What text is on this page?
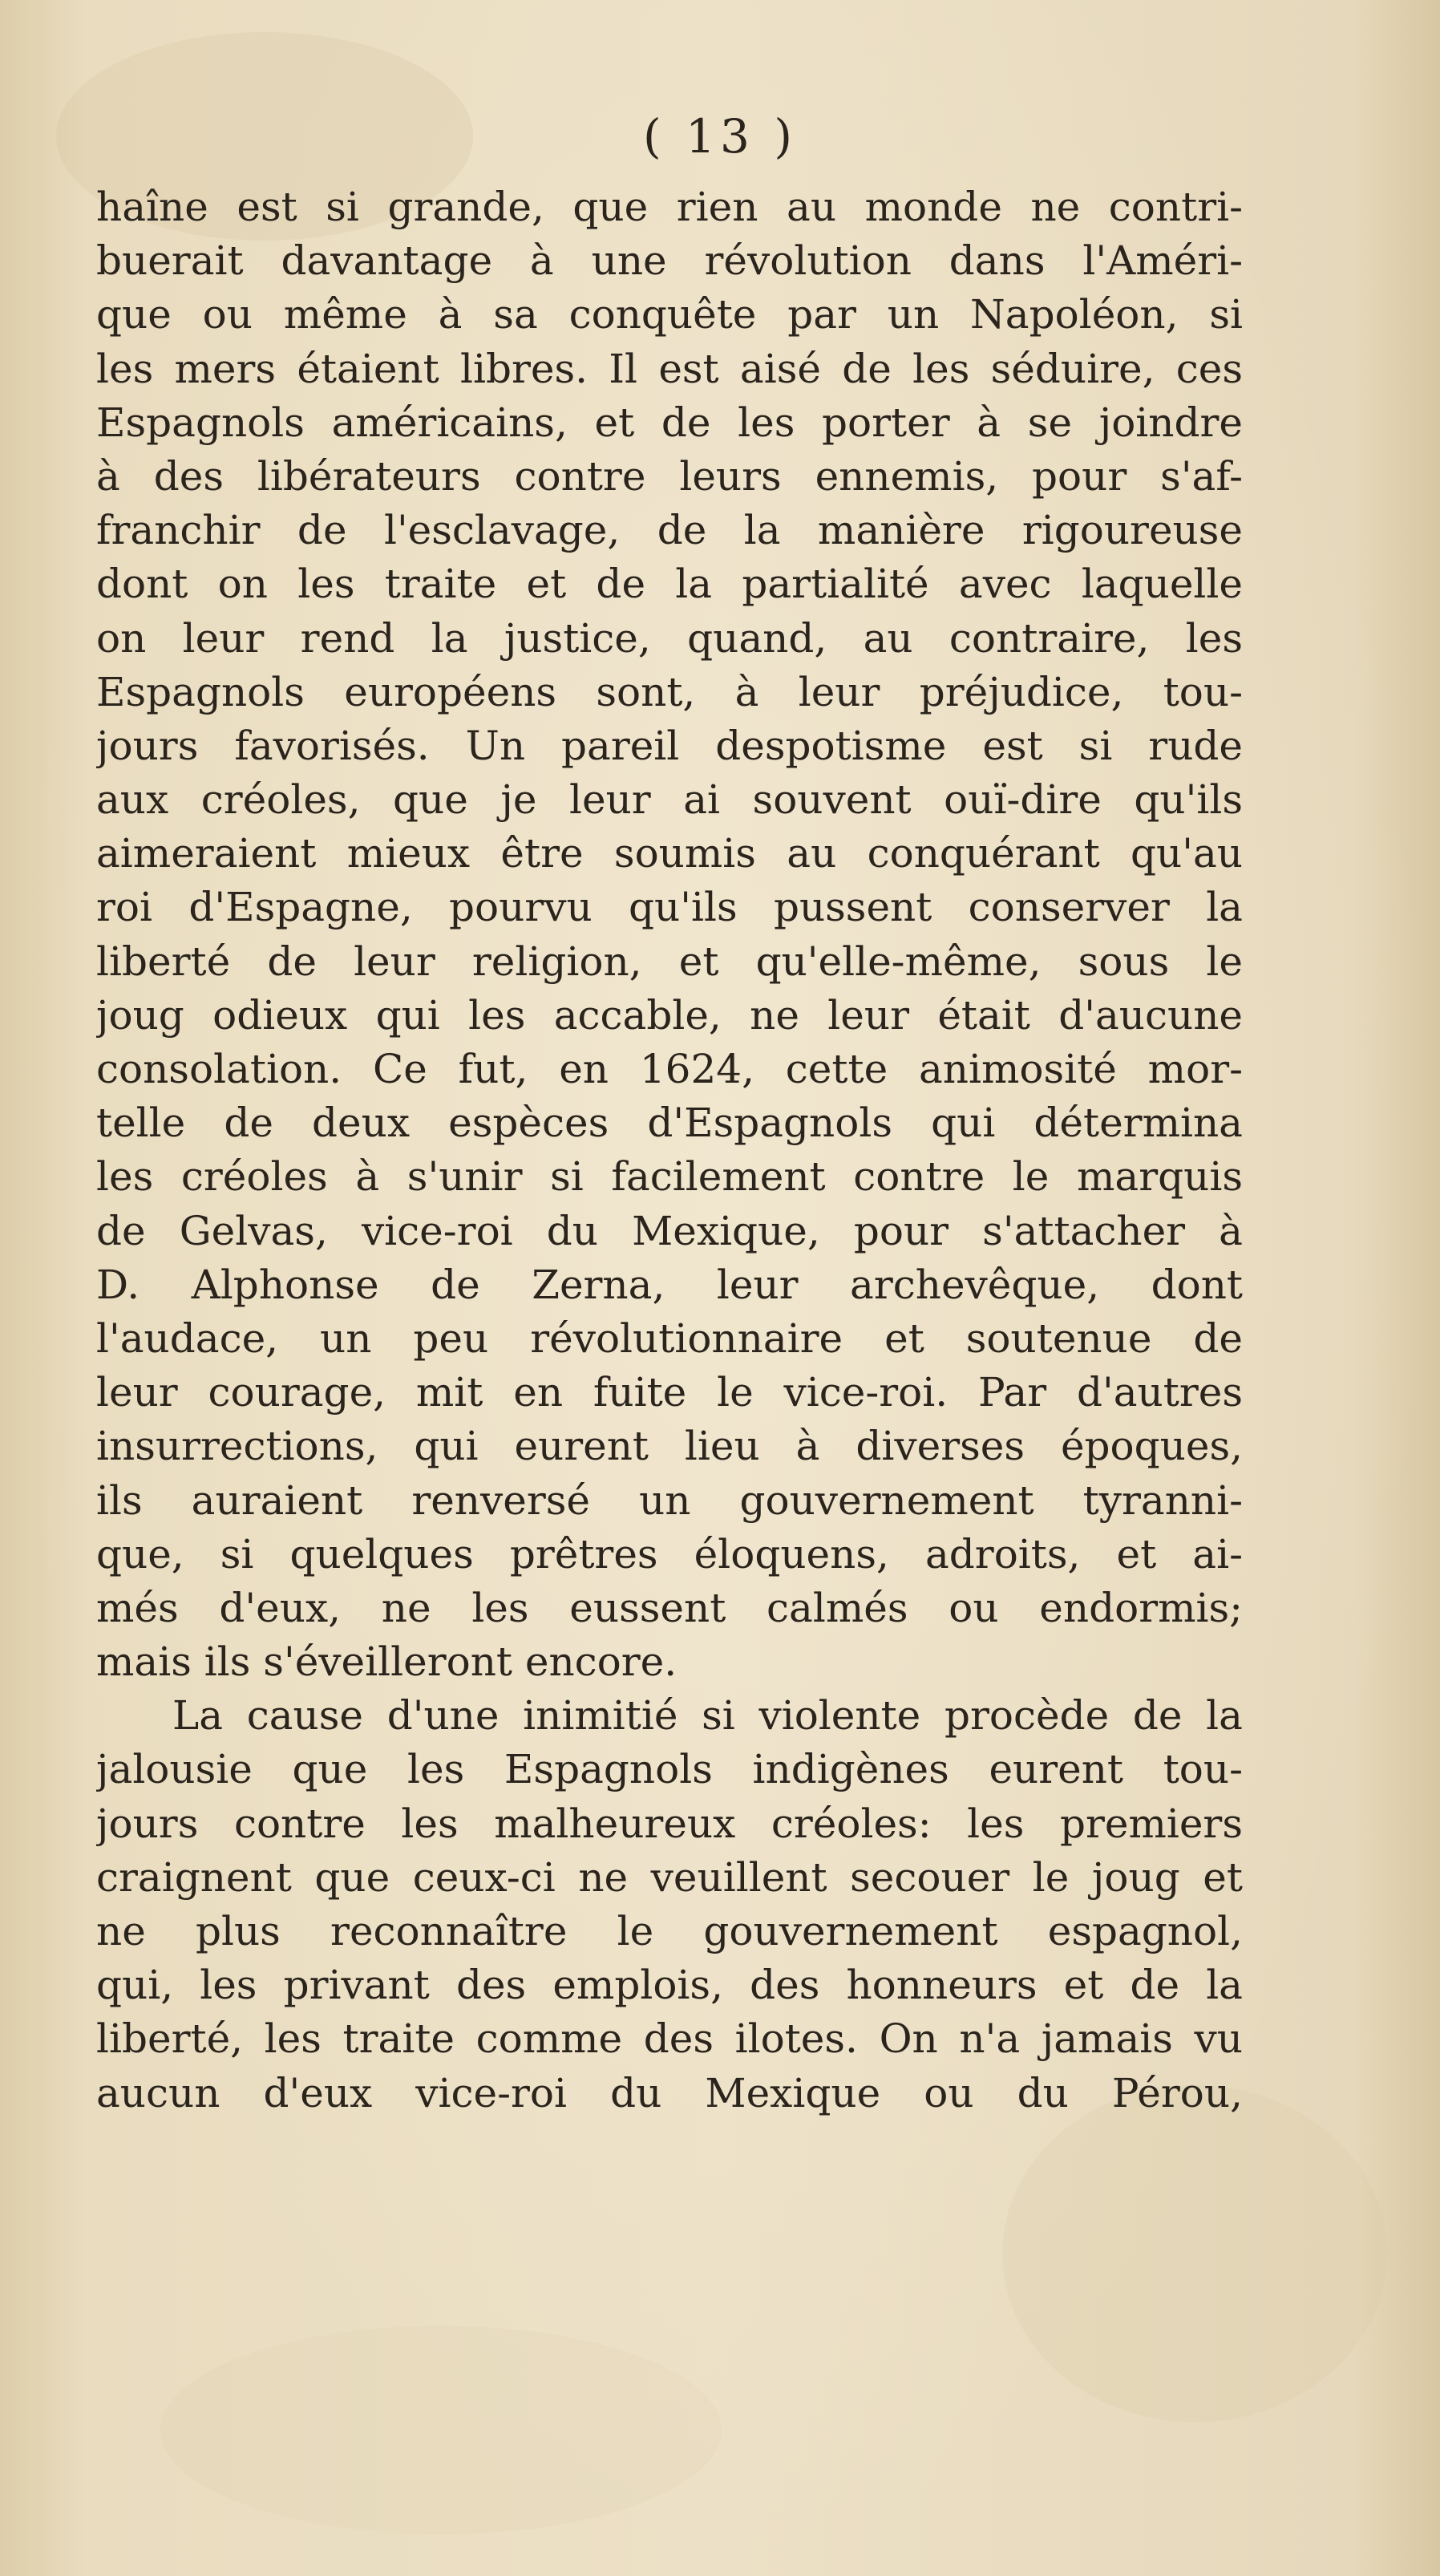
( 13 )
haîne est si grande, que rien au monde ne contri-
buerait davantage à une révolution dans l'Améri-
que ou même à sa conquête par un Napoléon, si
les mers étaient libres. Il est aisé de les séduire, ces
Espagnols américains, et de les porter à se joindre
à des libérateurs contre leurs ennemis, pour s'af-
franchir de l'esclavage, de la manière rigoureuse
dont on les traite et de la partialité avec laquelle
on leur rend la justice, quand, au contraire, les
Espagnols européens sont, à leur préjudice, tou-
jours favorisés. Un pareil despotisme est si rude
aux créoles, que je leur ai souvent ouï-dire qu'ils
aimeraient mieux être soumis au conquérant qu'au
roi d'Espagne, pourvu qu'ils pussent conserver la
liberté de leur religion, et qu'elle-même, sous le
joug odieux qui les accable, ne leur était d'aucune
consolation. Ce fut, en 1624, cette animosité mor-
telle de deux espèces d'Espagnols qui détermina
les créoles à s'unir si facilement contre le marquis
de Gelvas, vice-roi du Mexique, pour s'attacher à
D. Alphonse de Zerna, leur archevêque, dont
l'audace, un peu révolutionnaire et soutenue de
leur courage, mit en fuite le vice-roi. Par d'autres
insurrections, qui eurent lieu à diverses époques,
ils auraient renversé un gouvernement tyranni-
que, si quelques prêtres éloquens, adroits, et ai-
més d'eux, ne les eussent calmés ou endormis;
mais ils s'éveilleront encore.
La cause d'une inimitié si violente procède de la
jalousie que les Espagnols indigènes eurent tou-
jours contre les malheureux créoles: les premiers
craignent que ceux-ci ne veuillent secouer le joug et
ne plus reconnaître le gouvernement espagnol,
qui, les privant des emplois, des honneurs et de la
liberté, les traite comme des ilotes. On n'a jamais vu
aucun d'eux vice-roi du Mexique ou du Pérou,
